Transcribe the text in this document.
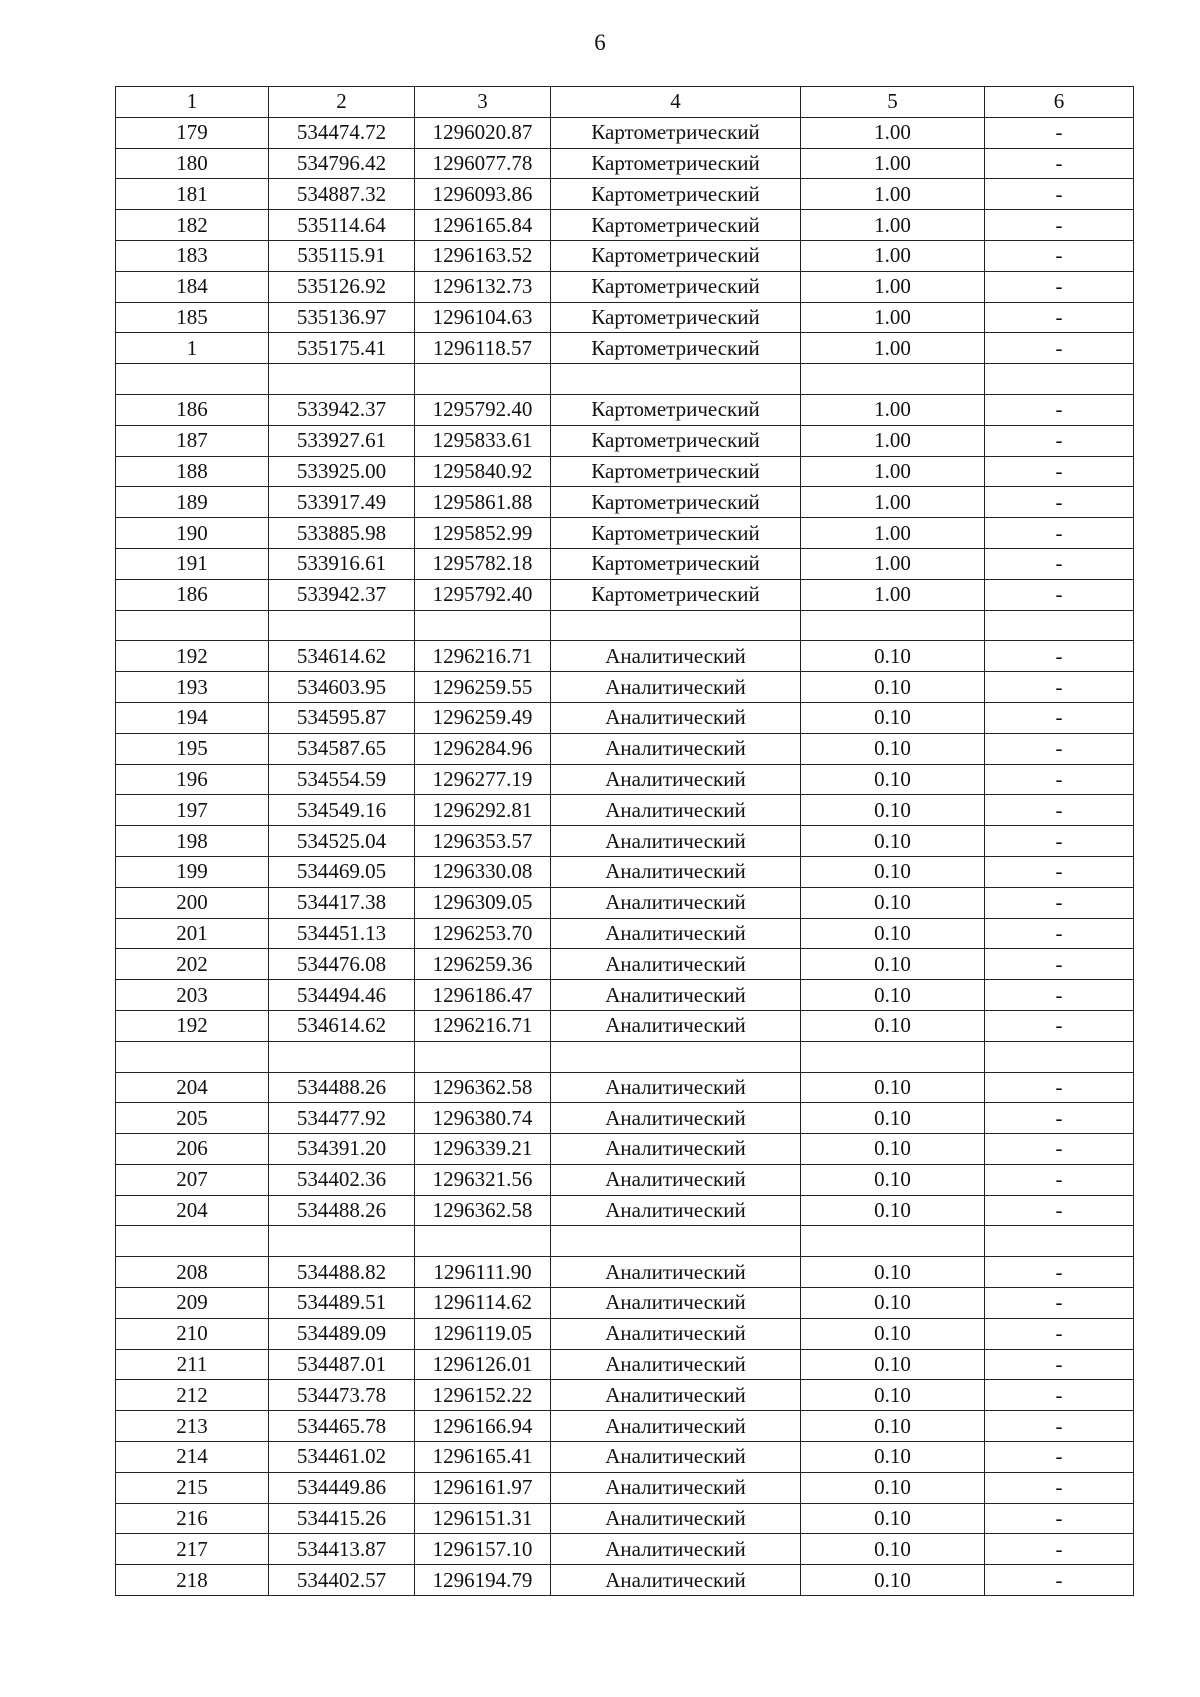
6
1	2	3	4	5	6
179	534474.72	1296020.87	Картометрический	1.00	-
180	534796.42	1296077.78	Картометрический	1.00	-
181	534887.32	1296093.86	Картометрический	1.00	-
182	535114.64	1296165.84	Картометрический	1.00	-
183	535115.91	1296163.52	Картометрический	1.00	-
184	535126.92	1296132.73	Картометрический	1.00	-
185	535136.97	1296104.63	Картометрический	1.00	-
1	535175.41	1296118.57	Картометрический	1.00	-

186	533942.37	1295792.40	Картометрический	1.00	-
187	533927.61	1295833.61	Картометрический	1.00	-
188	533925.00	1295840.92	Картометрический	1.00	-
189	533917.49	1295861.88	Картометрический	1.00	-
190	533885.98	1295852.99	Картометрический	1.00	-
191	533916.61	1295782.18	Картометрический	1.00	-
186	533942.37	1295792.40	Картометрический	1.00	-

192	534614.62	1296216.71	Аналитический	0.10	-
193	534603.95	1296259.55	Аналитический	0.10	-
194	534595.87	1296259.49	Аналитический	0.10	-
195	534587.65	1296284.96	Аналитический	0.10	-
196	534554.59	1296277.19	Аналитический	0.10	-
197	534549.16	1296292.81	Аналитический	0.10	-
198	534525.04	1296353.57	Аналитический	0.10	-
199	534469.05	1296330.08	Аналитический	0.10	-
200	534417.38	1296309.05	Аналитический	0.10	-
201	534451.13	1296253.70	Аналитический	0.10	-
202	534476.08	1296259.36	Аналитический	0.10	-
203	534494.46	1296186.47	Аналитический	0.10	-
192	534614.62	1296216.71	Аналитический	0.10	-

204	534488.26	1296362.58	Аналитический	0.10	-
205	534477.92	1296380.74	Аналитический	0.10	-
206	534391.20	1296339.21	Аналитический	0.10	-
207	534402.36	1296321.56	Аналитический	0.10	-
204	534488.26	1296362.58	Аналитический	0.10	-

208	534488.82	1296111.90	Аналитический	0.10	-
209	534489.51	1296114.62	Аналитический	0.10	-
210	534489.09	1296119.05	Аналитический	0.10	-
211	534487.01	1296126.01	Аналитический	0.10	-
212	534473.78	1296152.22	Аналитический	0.10	-
213	534465.78	1296166.94	Аналитический	0.10	-
214	534461.02	1296165.41	Аналитический	0.10	-
215	534449.86	1296161.97	Аналитический	0.10	-
216	534415.26	1296151.31	Аналитический	0.10	-
217	534413.87	1296157.10	Аналитический	0.10	-
218	534402.57	1296194.79	Аналитический	0.10	-
